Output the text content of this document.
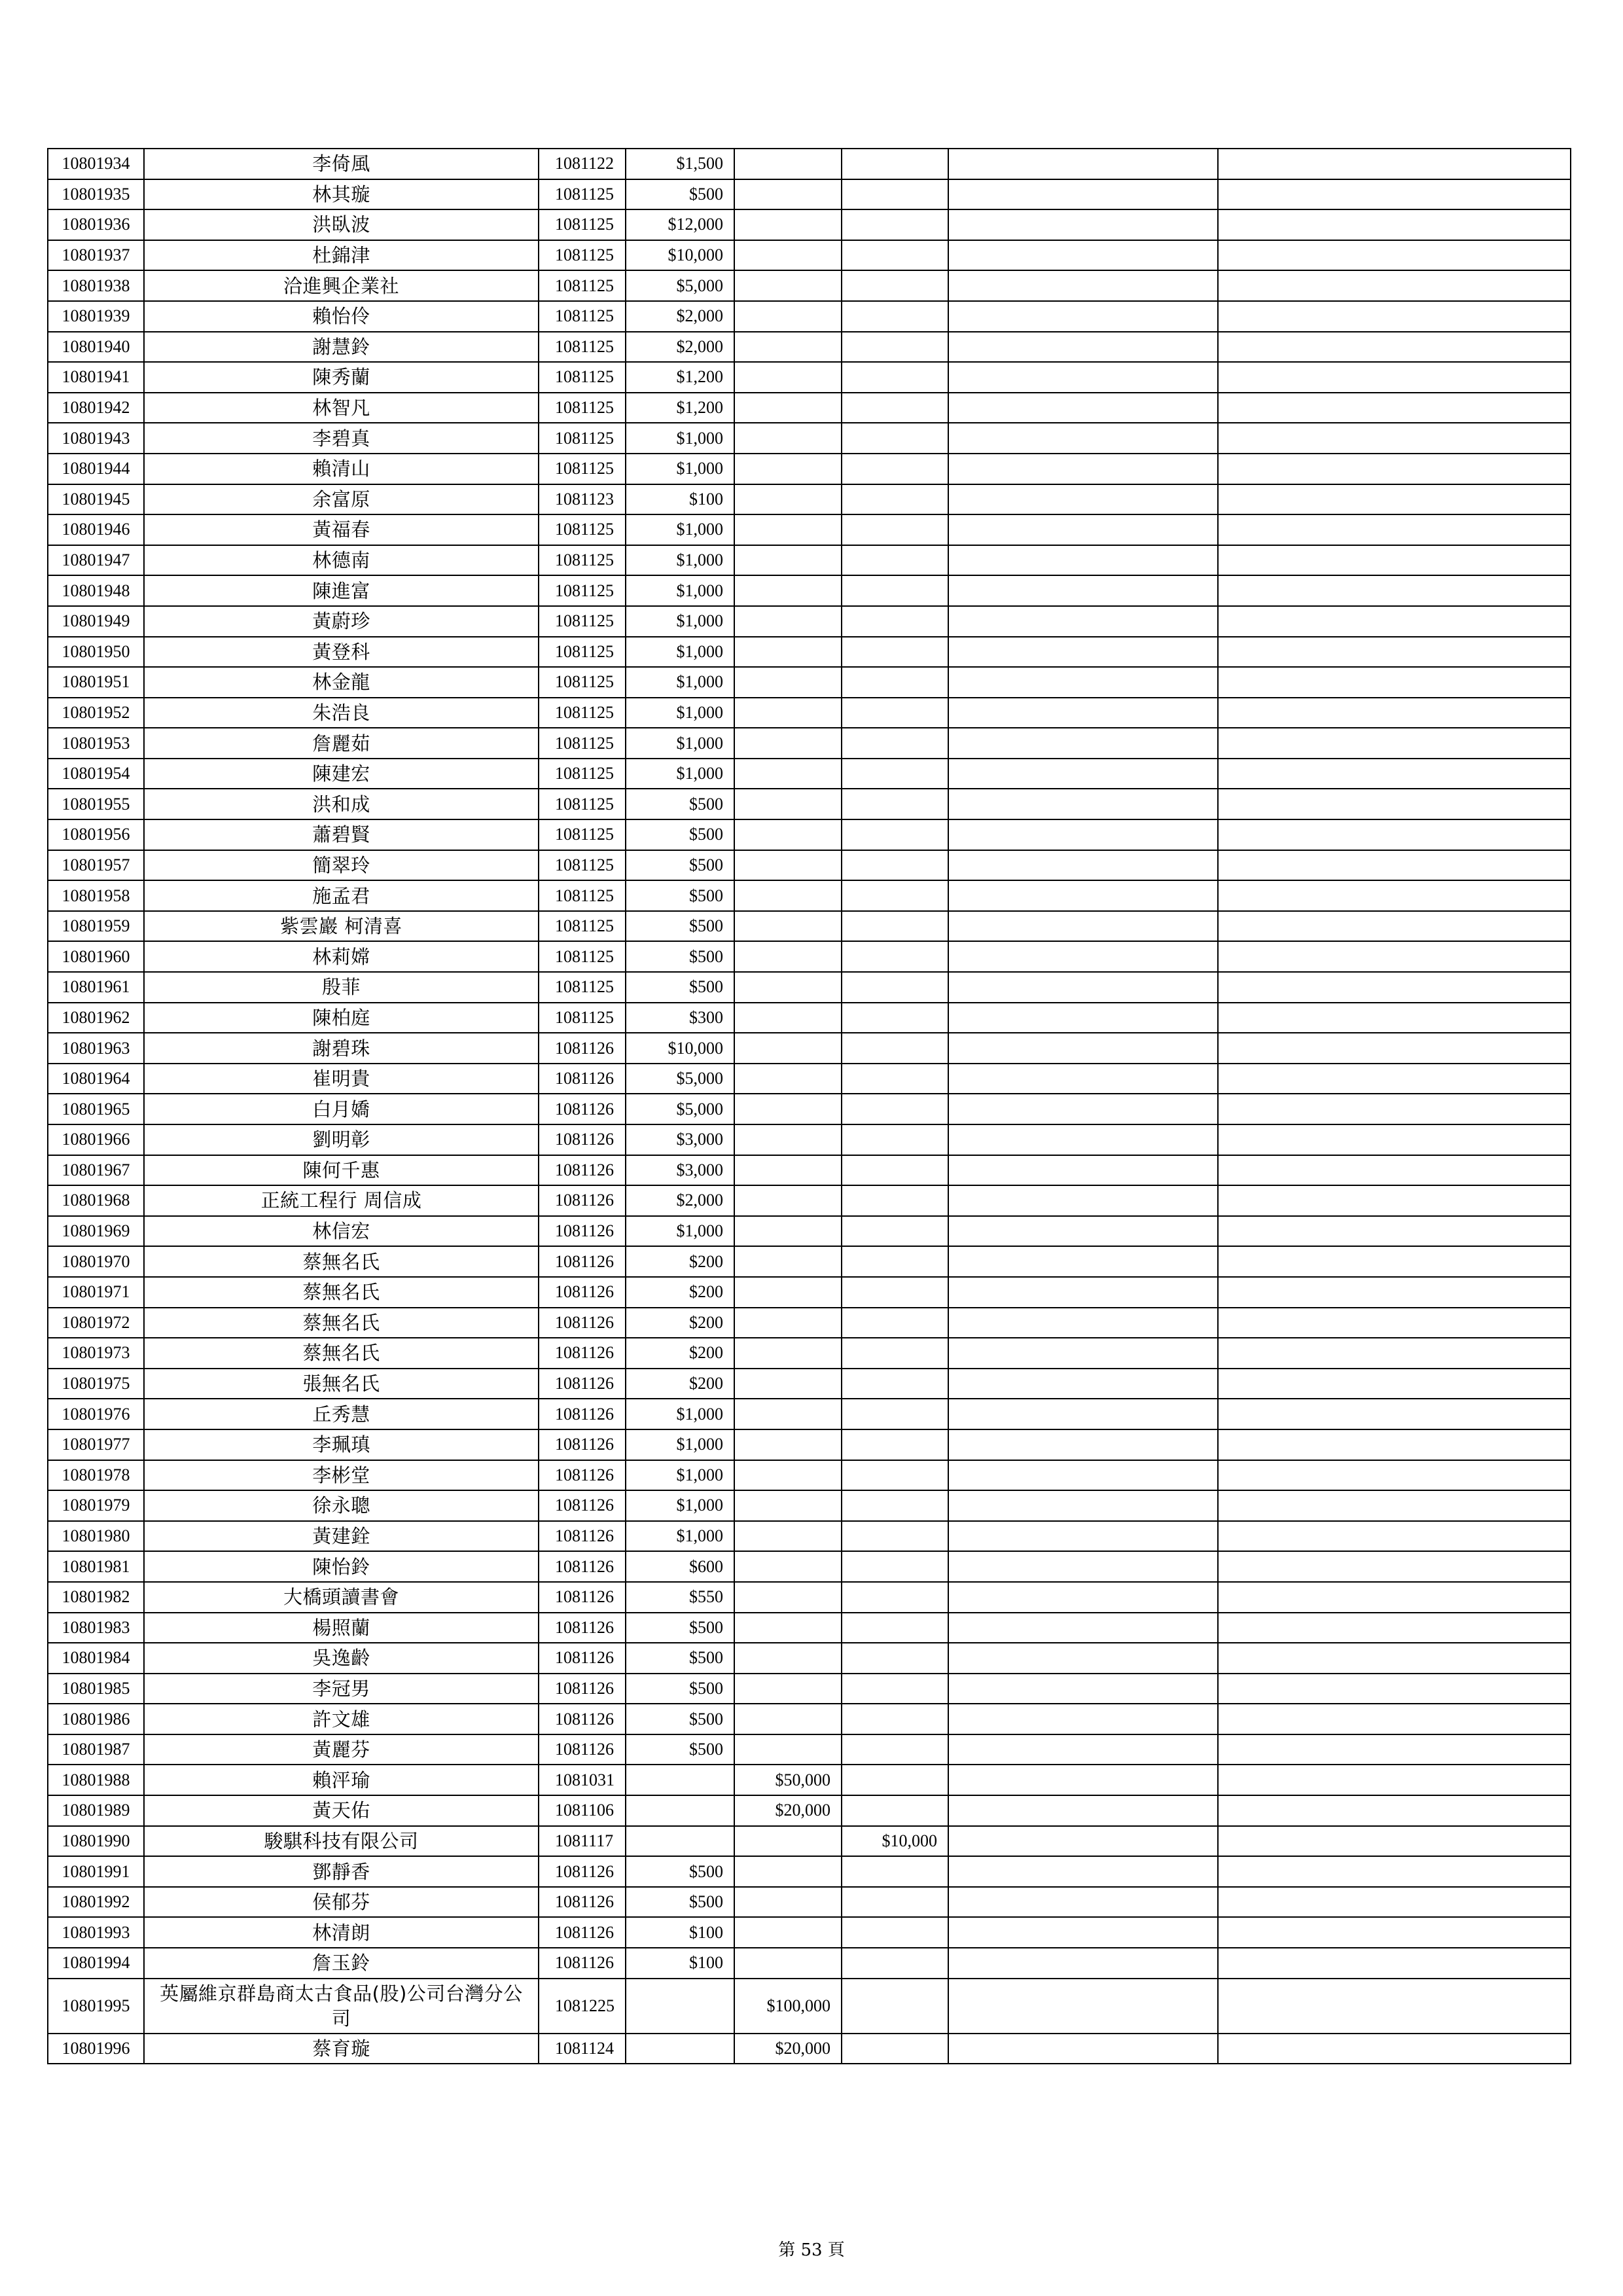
10801934	李倚風	1081122	$1,500				
10801935	林其璇	1081125	$500				
10801936	洪臥波	1081125	$12,000				
10801937	杜錦津	1081125	$10,000				
10801938	洽進興企業社	1081125	$5,000				
10801939	賴怡伶	1081125	$2,000				
10801940	謝慧鈴	1081125	$2,000				
10801941	陳秀蘭	1081125	$1,200				
10801942	林智凡	1081125	$1,200				
10801943	李碧真	1081125	$1,000				
10801944	賴清山	1081125	$1,000				
10801945	余富原	1081123	$100				
10801946	黃福春	1081125	$1,000				
10801947	林德南	1081125	$1,000				
10801948	陳進富	1081125	$1,000				
10801949	黃蔚珍	1081125	$1,000				
10801950	黃登科	1081125	$1,000				
10801951	林金龍	1081125	$1,000				
10801952	朱浩良	1081125	$1,000				
10801953	詹麗茹	1081125	$1,000				
10801954	陳建宏	1081125	$1,000				
10801955	洪和成	1081125	$500				
10801956	蕭碧賢	1081125	$500				
10801957	簡翠玲	1081125	$500				
10801958	施孟君	1081125	$500				
10801959	紫雲巖 柯清喜	1081125	$500				
10801960	林莉嫦	1081125	$500				
10801961	殷菲	1081125	$500				
10801962	陳柏庭	1081125	$300				
10801963	謝碧珠	1081126	$10,000				
10801964	崔明貴	1081126	$5,000				
10801965	白月嬌	1081126	$5,000				
10801966	劉明彰	1081126	$3,000				
10801967	陳何千惠	1081126	$3,000				
10801968	正統工程行 周信成	1081126	$2,000				
10801969	林信宏	1081126	$1,000				
10801970	蔡無名氏	1081126	$200				
10801971	蔡無名氏	1081126	$200				
10801972	蔡無名氏	1081126	$200				
10801973	蔡無名氏	1081126	$200				
10801975	張無名氏	1081126	$200				
10801976	丘秀慧	1081126	$1,000				
10801977	李珮瑱	1081126	$1,000				
10801978	李彬堂	1081126	$1,000				
10801979	徐永聰	1081126	$1,000				
10801980	黃建銓	1081126	$1,000				
10801981	陳怡鈴	1081126	$600				
10801982	大橋頭讀書會	1081126	$550				
10801983	楊照蘭	1081126	$500				
10801984	吳逸齡	1081126	$500				
10801985	李冠男	1081126	$500				
10801986	許文雄	1081126	$500				
10801987	黃麗芬	1081126	$500				
10801988	賴泙瑜	1081031		$50,000			
10801989	黃天佑	1081106		$20,000			
10801990	駿騏科技有限公司	1081117			$10,000		
10801991	鄧靜香	1081126	$500				
10801992	侯郁芬	1081126	$500				
10801993	林清朗	1081126	$100				
10801994	詹玉鈴	1081126	$100				
10801995	英屬維京群島商太古食品(股)公司台灣分公司	1081225		$100,000			
10801996	蔡育璇	1081124		$20,000			
第 53 頁
